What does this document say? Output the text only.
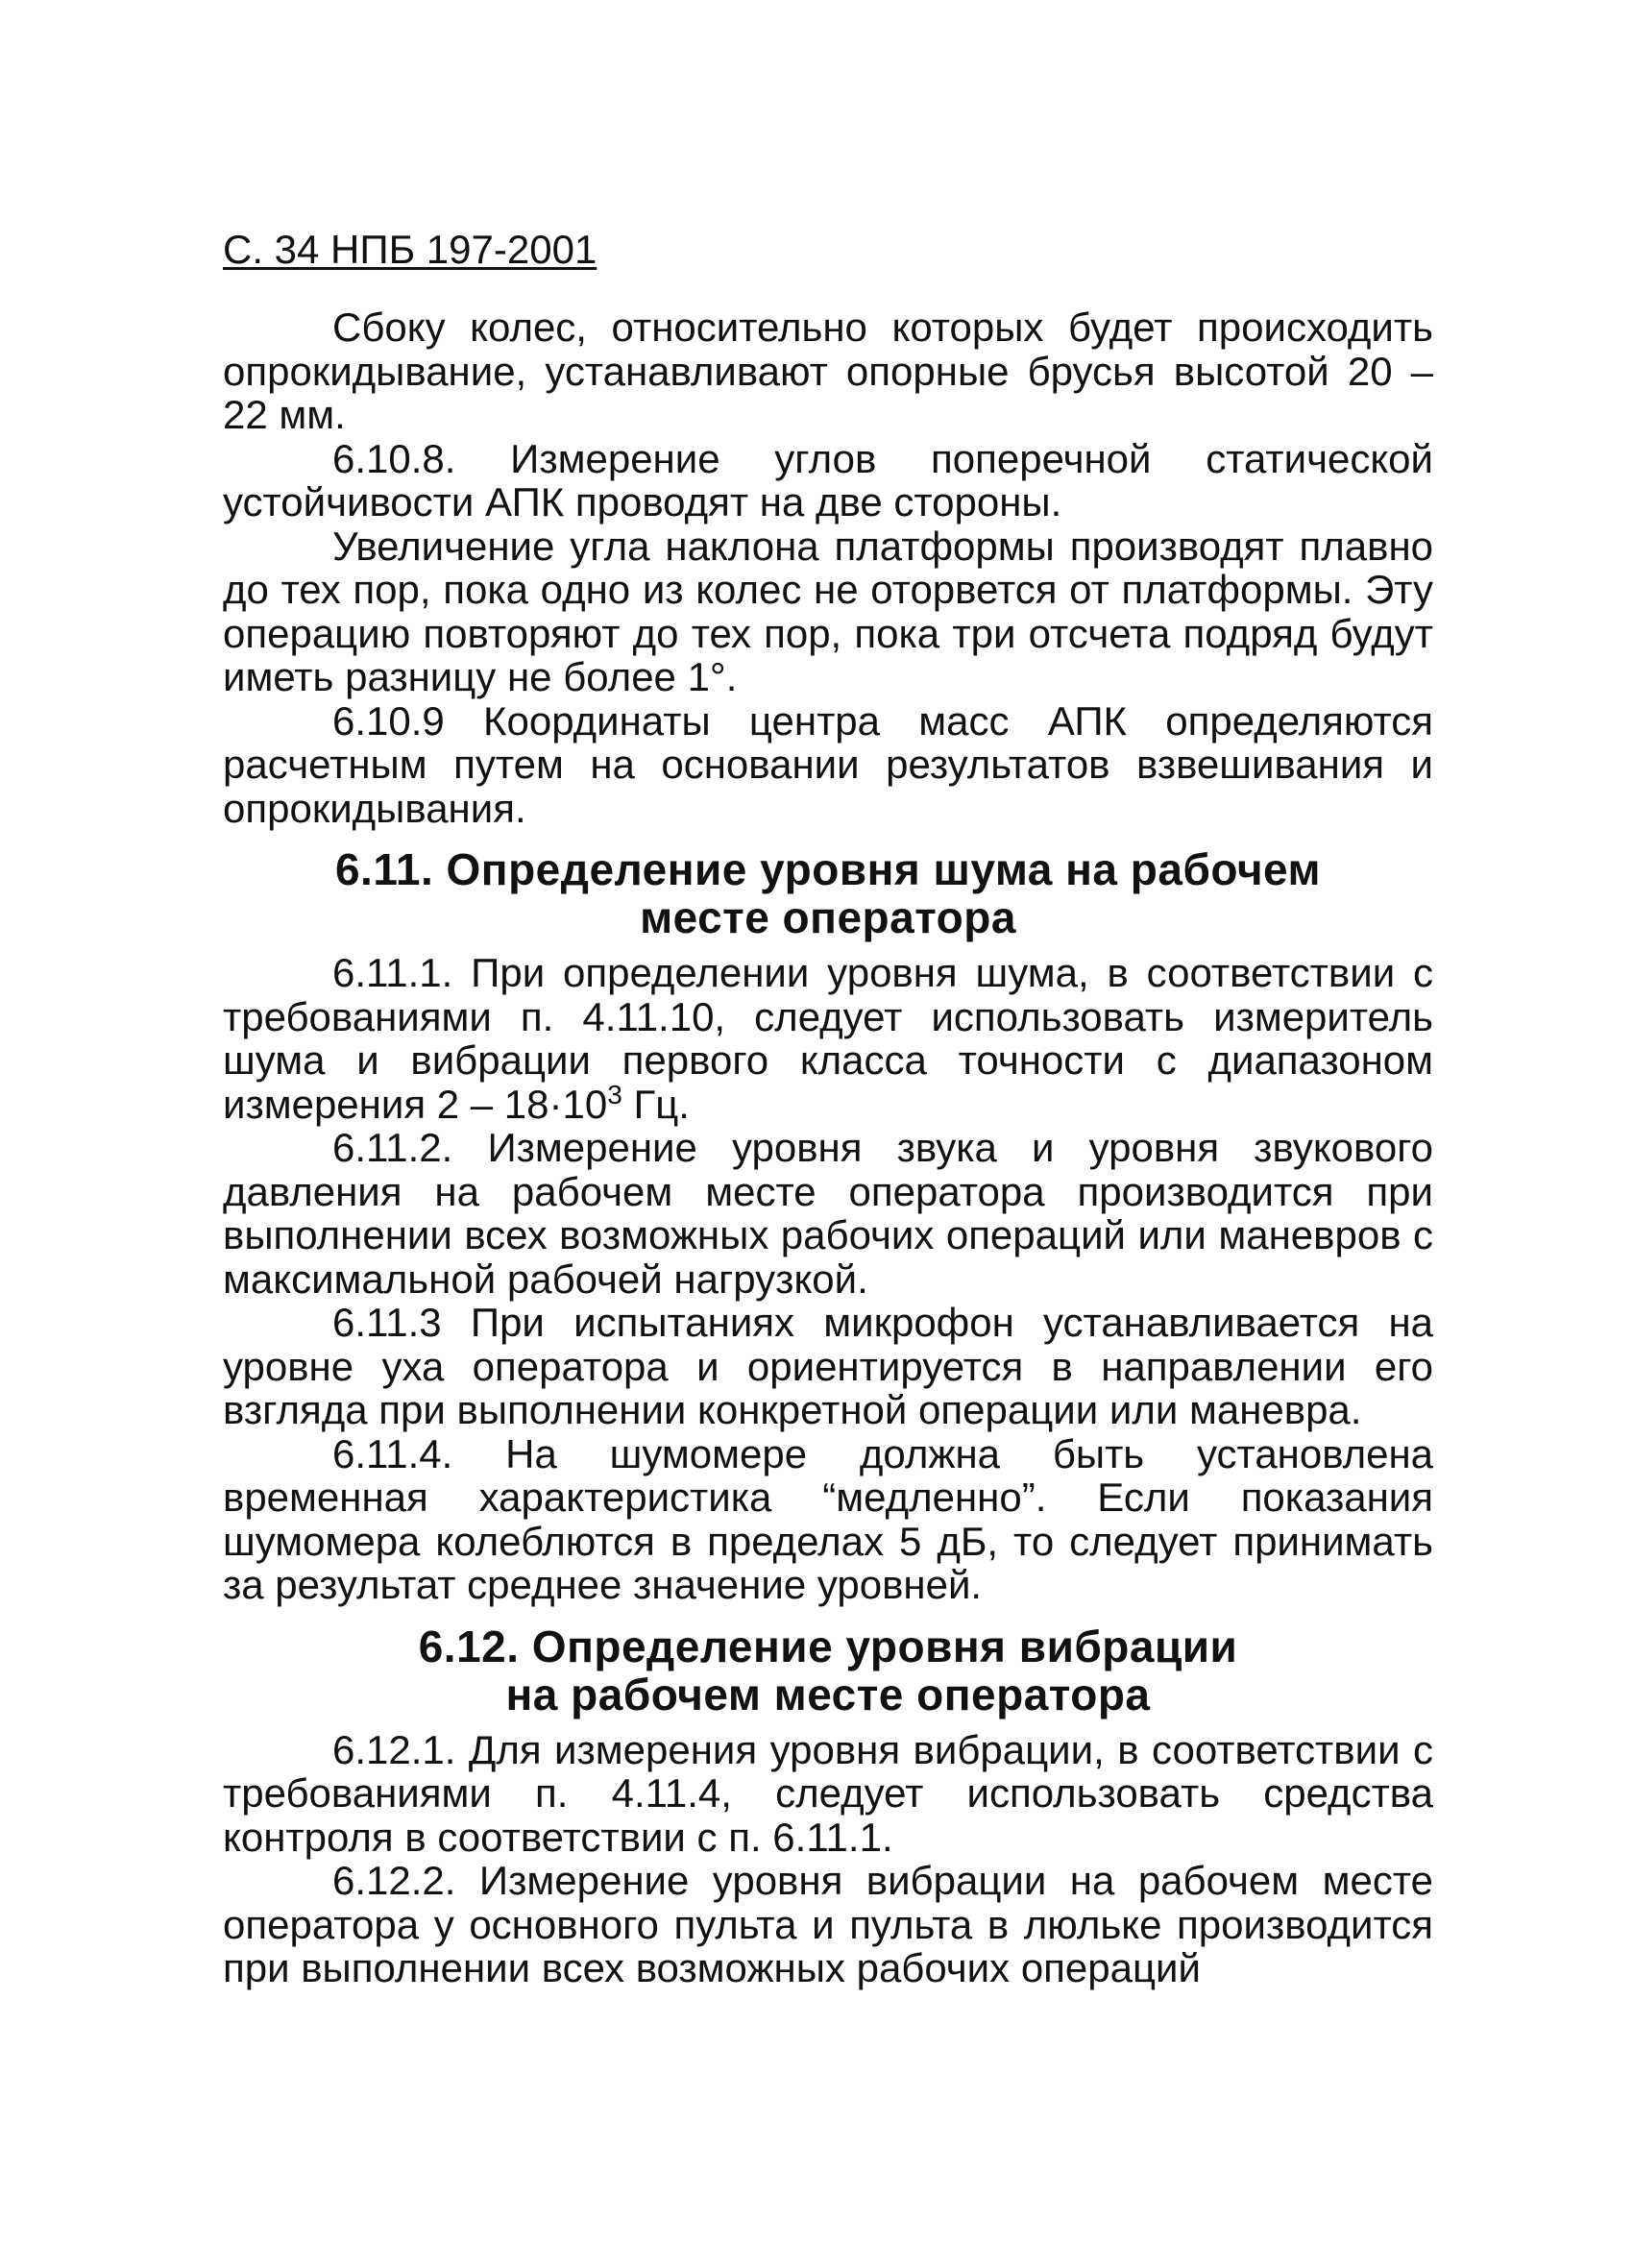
С. 34 НПБ 197-2001

Сбоку колес, относительно которых будет происходить опрокидывание, устанавливают опорные брусья высотой 20 – 22 мм.

6.10.8. Измерение углов поперечной статической устойчивости АПК проводят на две стороны.

Увеличение угла наклона платформы производят плавно до тех пор, пока одно из колес не оторвется от платформы. Эту операцию повторяют до тех пор, пока три отсчета подряд будут иметь разницу не более 1°.

6.10.9 Координаты центра масс АПК определяются расчетным путем на основании результатов взвешивания и опрокидывания.

6.11. Определение уровня шума на рабочем
месте оператора

6.11.1. При определении уровня шума, в соответствии с требованиями п. 4.11.10, следует использовать измеритель шума и вибрации первого класса точности с диапазоном измерения $2 - 18\cdot 10^3$ Гц.

6.11.2. Измерение уровня звука и уровня звукового давления на рабочем месте оператора производится при выполнении всех возможных рабочих операций или маневров с максимальной рабочей нагрузкой.

6.11.3 При испытаниях микрофон устанавливается на уровне уха оператора и ориентируется в направлении его взгляда при выполнении конкретной операции или маневра.

6.11.4. На шумомере должна быть установлена временная характеристика “медленно”. Если показания шумомера колеблются в пределах 5 дБ, то следует принимать за результат среднее значение уровней.

6.12. Определение уровня вибрации
на рабочем месте оператора

6.12.1. Для измерения уровня вибрации, в соответствии с требованиями п. 4.11.4, следует использовать средства контроля в соответствии с п. 6.11.1.

6.12.2. Измерение уровня вибрации на рабочем месте оператора у основного пульта и пульта в люльке производится при выполнении всех возможных рабочих операций
